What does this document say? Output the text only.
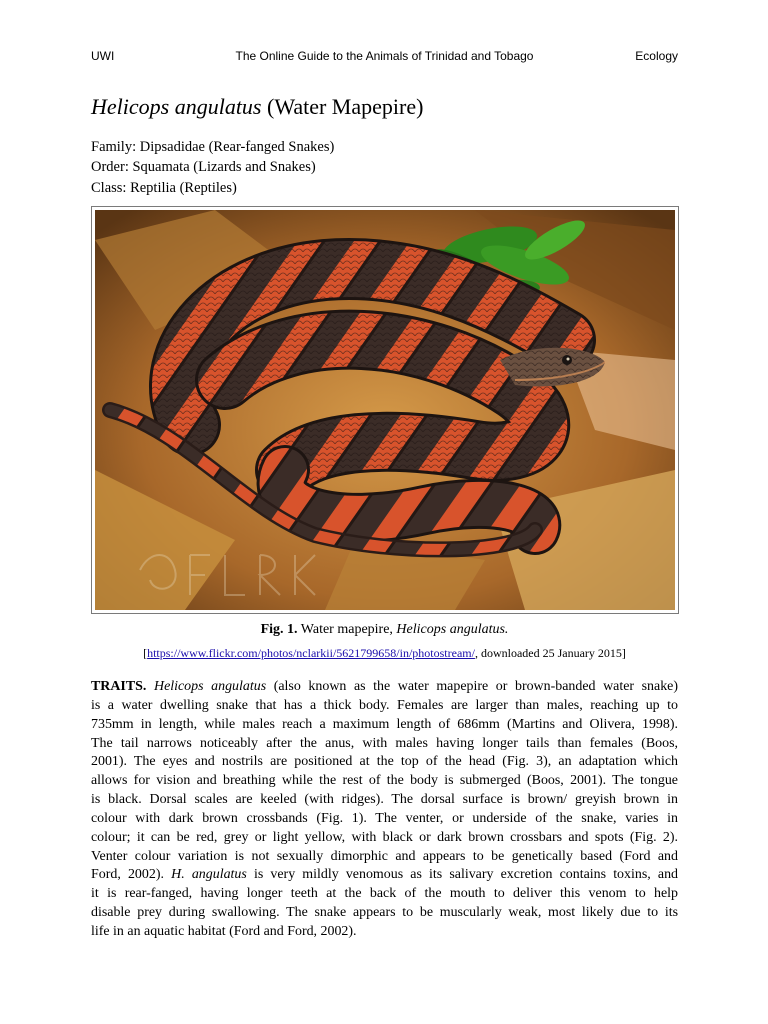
UWI	The Online Guide to the Animals of Trinidad and Tobago	Ecology
Helicops angulatus (Water Mapepire)
Family: Dipsadidae (Rear-fanged Snakes)
Order: Squamata (Lizards and Snakes)
Class: Reptilia (Reptiles)
Fig. 1. Water mapepire, Helicops angulatus.
[https://www.flickr.com/photos/nclarkii/5621799658/in/photostream/, downloaded 25 January 2015]
TRAITS. Helicops angulatus (also known as the water mapepire or brown-banded water snake)
is a water dwelling snake that has a thick body. Females are larger than males, reaching up to
735mm in length, while males reach a maximum length of 686mm (Martins and Olivera, 1998).
The tail narrows noticeably after the anus, with males having longer tails than females (Boos,
2001). The eyes and nostrils are positioned at the top of the head (Fig. 3), an adaptation which
allows for vision and breathing while the rest of the body is submerged (Boos, 2001). The tongue
is black. Dorsal scales are keeled (with ridges). The dorsal surface is brown/ greyish brown in
colour with dark brown crossbands (Fig. 1). The venter, or underside of the snake, varies in
colour; it can be red, grey or light yellow, with black or dark brown crossbars and spots (Fig. 2).
Venter colour variation is not sexually dimorphic and appears to be genetically based (Ford and
Ford, 2002). H. angulatus is very mildly venomous as its salivary excretion contains toxins, and
it is rear-fanged, having longer teeth at the back of the mouth to deliver this venom to help
disable prey during swallowing. The snake appears to be muscularly weak, most likely due to its
life in an aquatic habitat (Ford and Ford, 2002).
